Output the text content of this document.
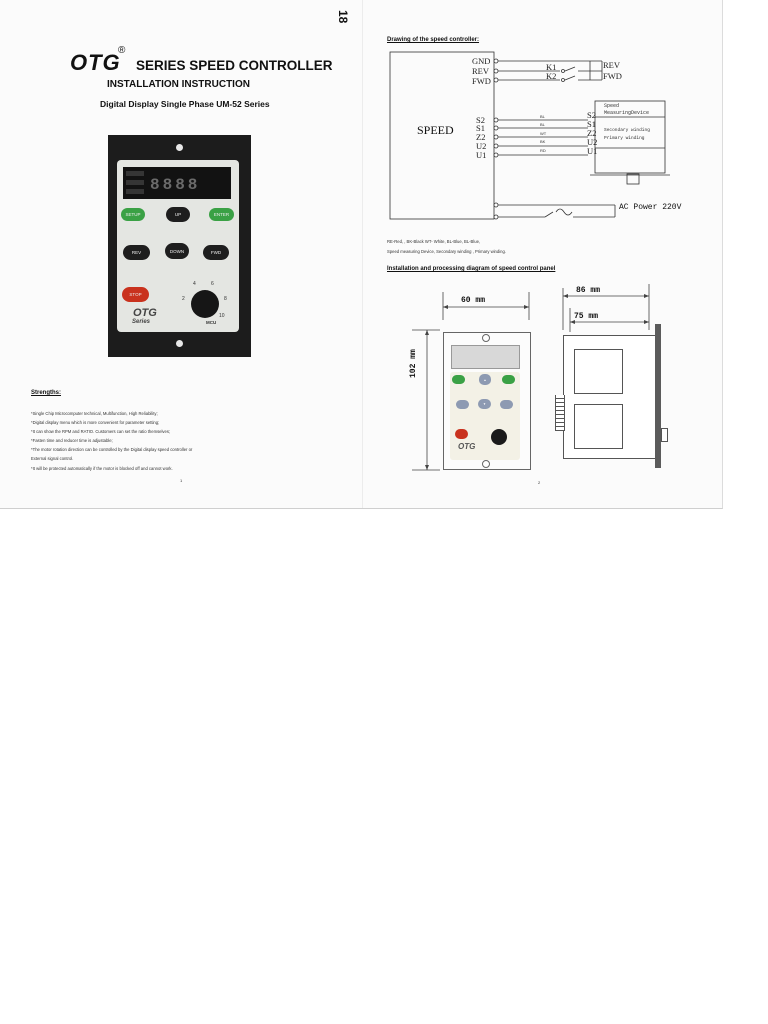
OTG
®
SERIES SPEED CONTROLLER
INSTALLATION INSTRUCTION
Digital Display Single Phase UM-52 Series
8888
SETUP	UP	ENTER
REV	DOWN	FWD
STOP
2
4	6
8
10
OTG
Series	MCU
Strengths:
*Single Chip Microcomputer technical, Multifunction, High Reliability;
*Digital display menu which is more convenient for parameter setting;
*It can show the RPM and RATIO. Customers can set the ratio themselves;
*Fasten time and reducer time is adjustable;
*The motor rotation direction can be controlled by the Digital display speed controller or
External signal control.
*It will be protected automatically if the motor is blocked off and cannot work.
1
18
Drawing of the speed controller:
GND
REV
FWD
K1
K2
REV
FWD
SPEED
S2
S1
Z2
U2
U1
BL
BL
WT
BK
RD
S2
S1
Z2
U2
U1
Speed
MeasuringDevice
Secondary winding
Primary winding
AC Power 220V
RE-Red, , BK-Black WT- White, BL-Blue, BL-Blue,
Speed measuring Device, Secondary winding , Primary winding.
Installation and processing diagram of speed control panel
60 mm
102 mm
86 mm
75 mm
▲
▼
OTG
2
